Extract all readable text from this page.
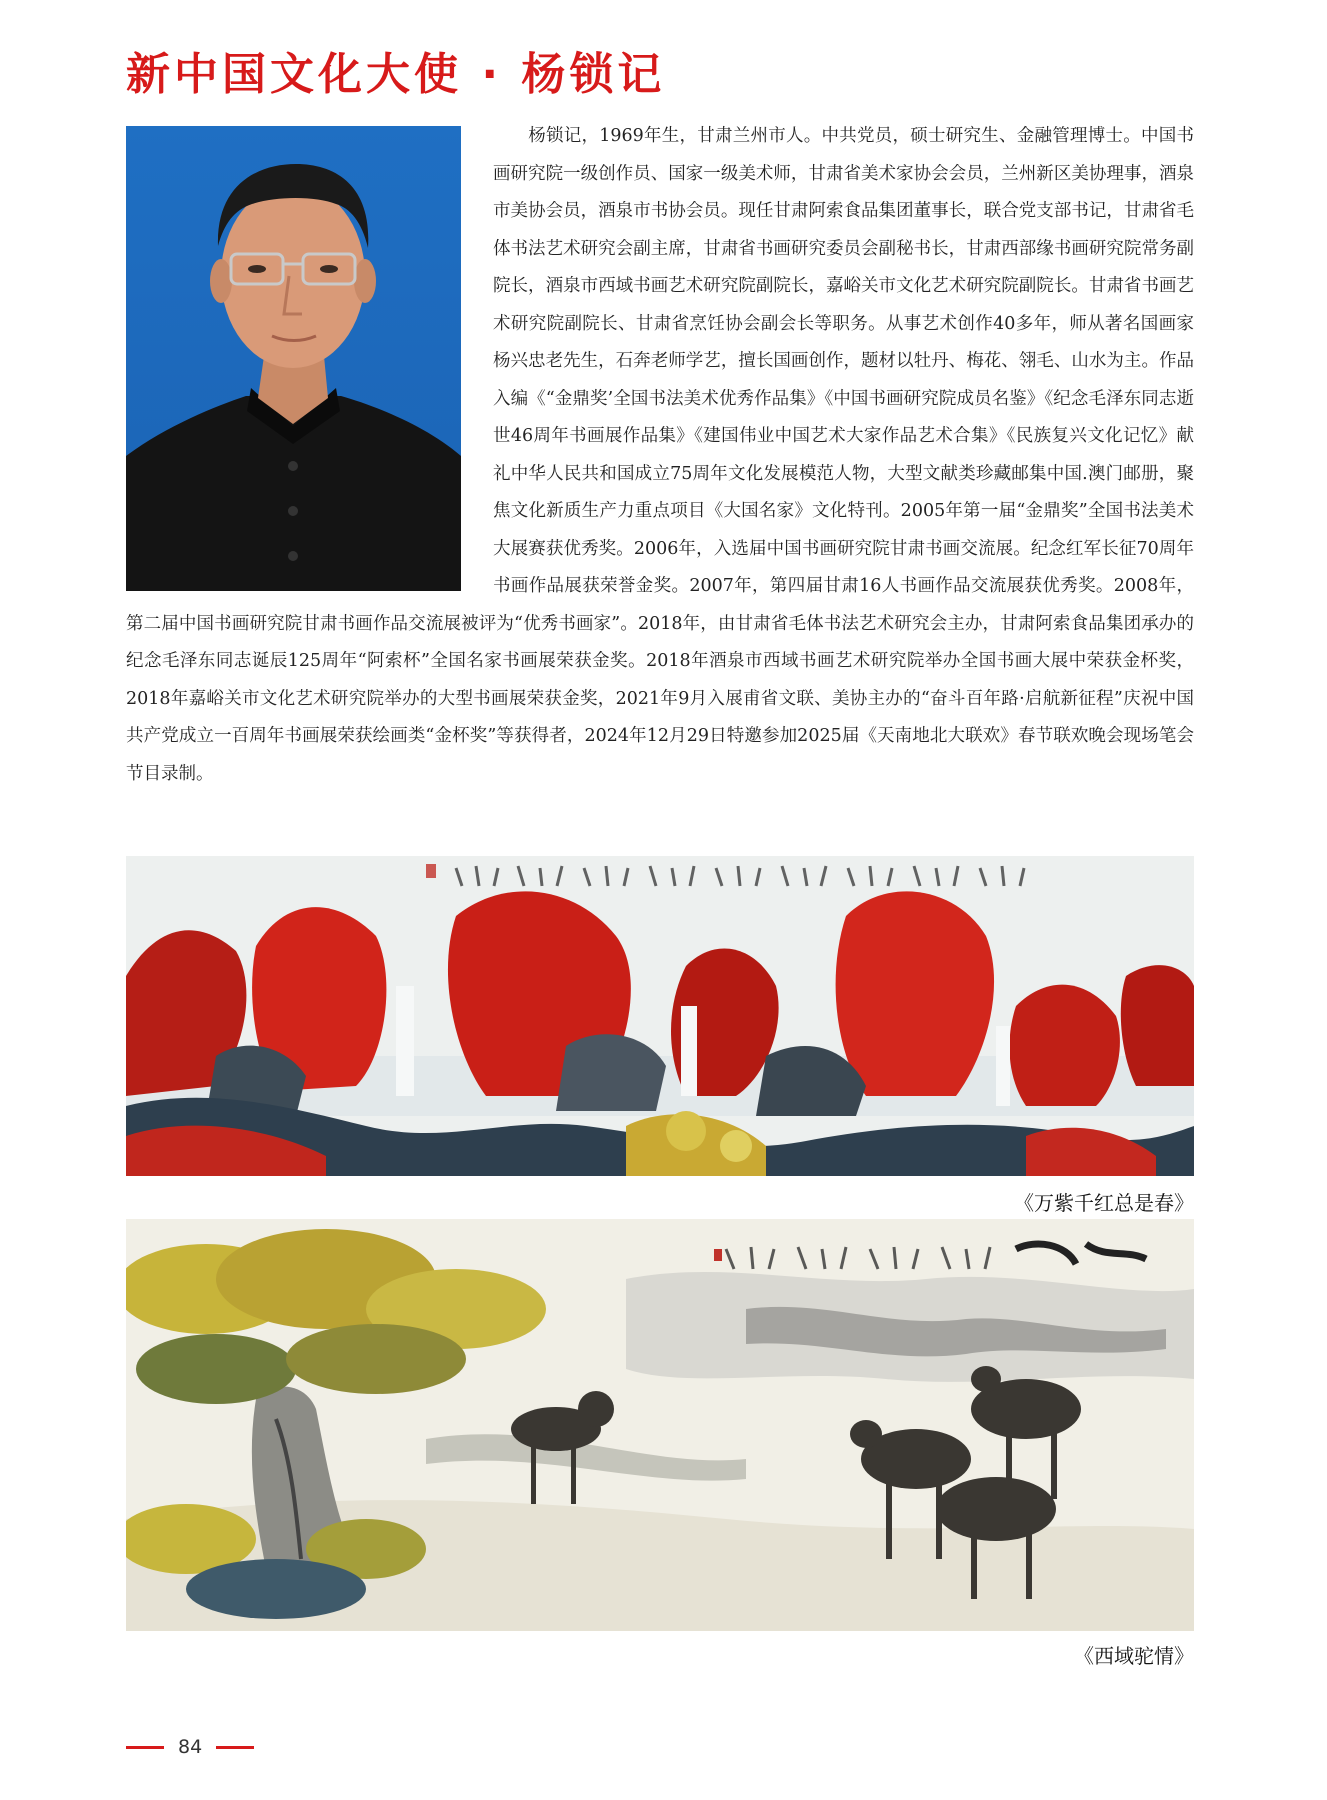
新中国文化大使 · 杨锁记

杨锁记，1969年生，甘肃兰州市人。中共党员，硕士研究生、金融管理博士。中国书画研究院一级创作员、国家一级美术师，甘肃省美术家协会会员，兰州新区美协理事，酒泉市美协会员，酒泉市书协会员。现任甘肃阿索食品集团董事长，联合党支部书记，甘肃省毛体书法艺术研究会副主席，甘肃省书画研究委员会副秘书长，甘肃西部缘书画研究院常务副院长，酒泉市西域书画艺术研究院副院长，嘉峪关市文化艺术研究院副院长。甘肃省书画艺术研究院副院长、甘肃省烹饪协会副会长等职务。从事艺术创作40多年，师从著名国画家杨兴忠老先生，石奔老师学艺，擅长国画创作，题材以牡丹、梅花、翎毛、山水为主。作品入编《“金鼎奖’全国书法美术优秀作品集》《中国书画研究院成员名鉴》《纪念毛泽东同志逝世46周年书画展作品集》《建国伟业中国艺术大家作品艺术合集》《民族复兴文化记忆》献礼中华人民共和国成立75周年文化发展模范人物，大型文献类珍藏邮集中国.澳门邮册，聚焦文化新质生产力重点项目《大国名家》文化特刊。2005年第一届“金鼎奖”全国书法美术大展赛获优秀奖。2006年，入选届中国书画研究院甘肃书画交流展。纪念红军长征70周年书画作品展获荣誉金奖。2007年，第四届甘肃16人书画作品交流展获优秀奖。2008年，第二届中国书画研究院甘肃书画作品交流展被评为“优秀书画家”。2018年，由甘肃省毛体书法艺术研究会主办，甘肃阿索食品集团承办的纪念毛泽东同志诞辰125周年“阿索杯”全国名家书画展荣获金奖。2018年酒泉市西域书画艺术研究院举办全国书画大展中荣获金杯奖，2018年嘉峪关市文化艺术研究院举办的大型书画展荣获金奖，2021年9月入展甫省文联、美协主办的“奋斗百年路·启航新征程”庆祝中国共产党成立一百周年书画展荣获绘画类“金杯奖”等获得者，2024年12月29日特邀参加2025届《天南地北大联欢》春节联欢晚会现场笔会节目录制。

《万紫千红总是春》
《西域驼情》
84
